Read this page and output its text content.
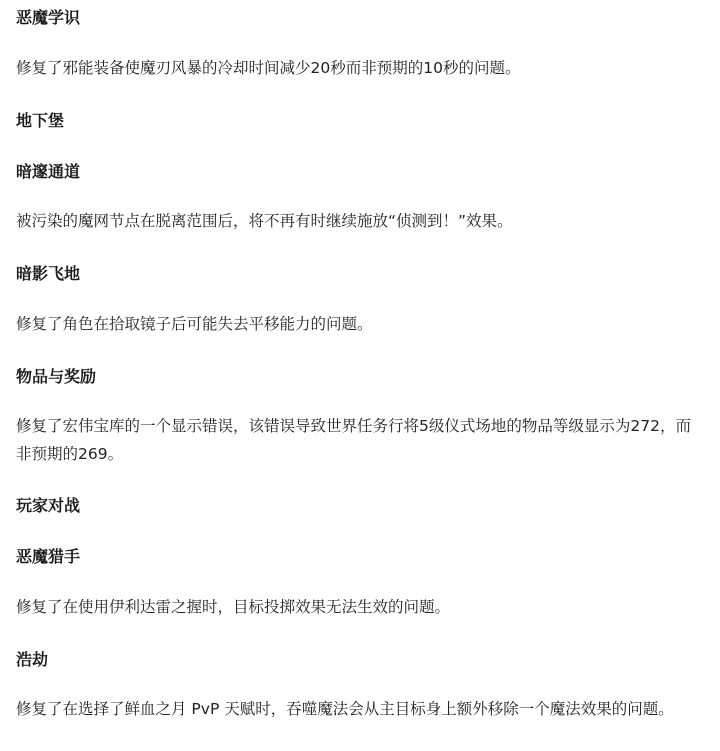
恶魔学识
修复了邪能装备使魔刃风暴的冷却时间减少20秒而非预期的10秒的问题。
地下堡
暗邃通道
被污染的魔网节点在脱离范围后，将不再有时继续施放“侦测到！”效果。
暗影飞地
修复了角色在拾取镜子后可能失去平移能力的问题。
物品与奖励
修复了宏伟宝库的一个显示错误，该错误导致世界任务行将5级仪式场地的物品等级显示为272，而非预期的269。
玩家对战
恶魔猎手
修复了在使用伊利达雷之握时，目标投掷效果无法生效的问题。
浩劫
修复了在选择了鲜血之月 PvP 天赋时，吞噬魔法会从主目标身上额外移除一个魔法效果的问题。
